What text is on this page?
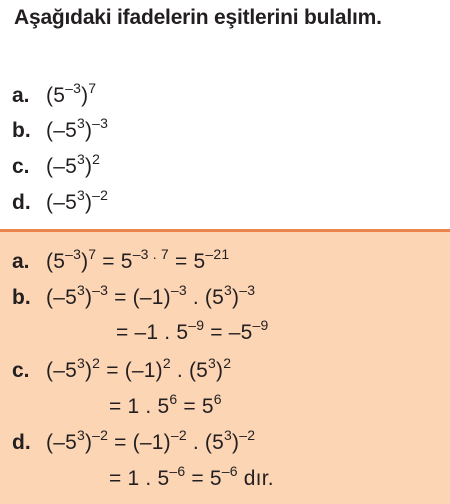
Aşağıdaki ifadelerin eşitlerini bulalım.
a. $(5^{-3})^7$
b. $(-5^3)^{-3}$
c. $(-5^3)^2$
d. $(-5^3)^{-2}$
a. $(5^{-3})^7 = 5^{-3 . 7} = 5^{-21}$
b. $(-5^3)^{-3} = (-1)^{-3}$ . $(5^3)^{-3}$
= –1 . $5^{-9} = -5^{-9}$
c. $(-5^3)^2 = (-1)^2$ . $(5^3)^2$
= 1 . $5^6 = 5^6$
d. $(-5^3)^{-2} = (-1)^{-2}$ . $(5^3)^{-2}$
= 1 . $5^{-6} = 5^{-6}$ dır.
